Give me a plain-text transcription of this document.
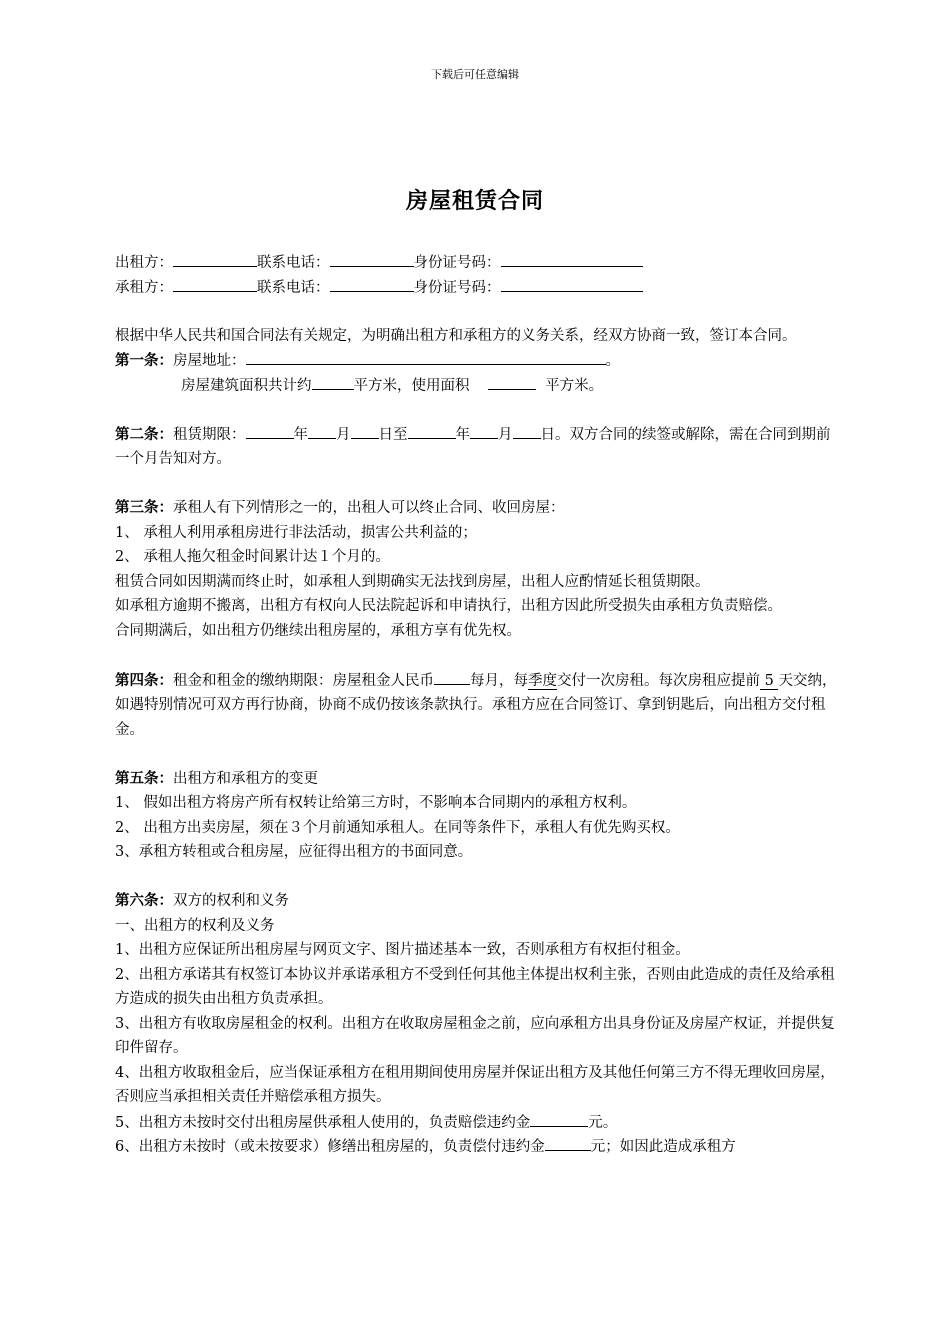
下载后可任意编辑
房屋租赁合同
出租方：	联系电话：	身份证号码：
承租方：	联系电话：	身份证号码：
根据中华人民共和国合同法有关规定，为明确出租方和承租方的义务关系，经双方协商一致，签订本合同。
第一条：房屋地址：	。
房屋建筑面积共计约	平方米，使用面积	平方米。
第二条：租赁期限：	年 月 日至	年 月 日。双方合同的续签或解除，需在合同到期前一个月告知对方。
第三条：承租人有下列情形之一的，出租人可以终止合同、收回房屋：
1、 承租人利用承租房进行非法活动，损害公共利益的；
2、 承租人拖欠租金时间累计达１个月的。
租赁合同如因期满而终止时，如承租人到期确实无法找到房屋，出租人应酌情延长租赁期限。
如承租方逾期不搬离，出租方有权向人民法院起诉和申请执行，出租方因此所受损失由承租方负责赔偿。
合同期满后，如出租方仍继续出租房屋的，承租方享有优先权。
第四条：租金和租金的缴纳期限：房屋租金人民币 每月，每季度交付一次房租。每次房租应提前 5 天交纳，如遇特别情况可双方再行协商，协商不成仍按该条款执行。承租方应在合同签订、拿到钥匙后，向出租方交付租金。
第五条：出租方和承租方的变更
1、 假如出租方将房产所有权转让给第三方时，不影响本合同期内的承租方权利。
2、 出租方出卖房屋，须在３个月前通知承租人。在同等条件下，承租人有优先购买权。
3、承租方转租或合租房屋，应征得出租方的书面同意。
第六条：双方的权利和义务
一、出租方的权利及义务
1、出租方应保证所出租房屋与网页文字、图片描述基本一致，否则承租方有权拒付租金。
2、出租方承诺其有权签订本协议并承诺承租方不受到任何其他主体提出权利主张，否则由此造成的责任及给承租方造成的损失由出租方负责承担。
3、出租方有收取房屋租金的权利。出租方在收取房屋租金之前，应向承租方出具身份证及房屋产权证，并提供复印件留存。
4、出租方收取租金后，应当保证承租方在租用期间使用房屋并保证出租方及其他任何第三方不得无理收回房屋，否则应当承担相关责任并赔偿承租方损失。
5、出租方未按时交付出租房屋供承租人使用的，负责赔偿违约金	元。
6、出租方未按时（或未按要求）修缮出租房屋的，负责偿付违约金	元；如因此造成承租方
